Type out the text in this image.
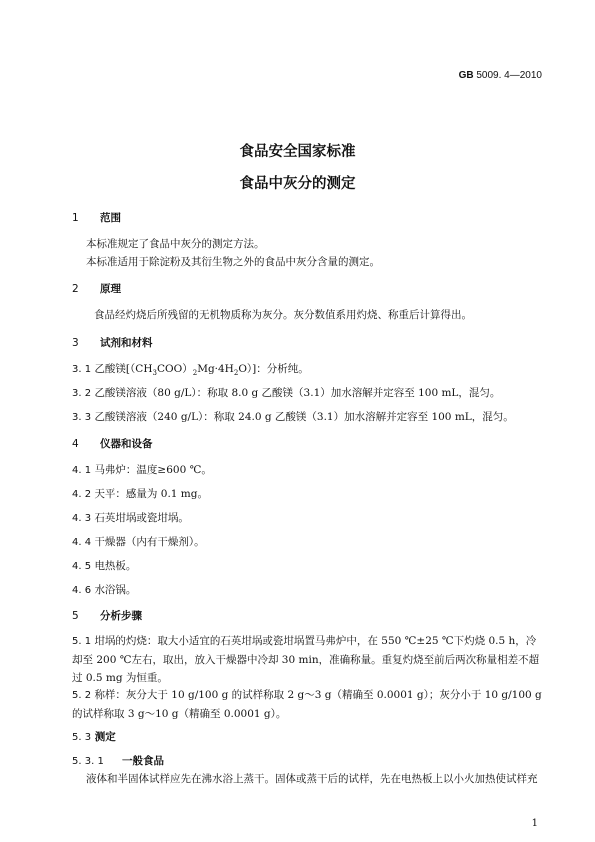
GB 5009. 4—2010
食品安全国家标准
食品中灰分的测定
1 范围
本标准规定了食品中灰分的测定方法。
本标准适用于除淀粉及其衍生物之外的食品中灰分含量的测定。
2 原理
食品经灼烧后所残留的无机物质称为灰分。灰分数值系用灼烧、称重后计算得出。
3 试剂和材料
3. 1 乙酸镁$[(CH_3COO)_2Mg\cdot 4H_2O)$]：分析纯。
3. 2 乙酸镁溶液（80 g/L）：称取 8.0 g 乙酸镁（3.1）加水溶解并定容至 100 mL，混匀。
3. 3 乙酸镁溶液（240 g/L）：称取 24.0 g 乙酸镁（3.1）加水溶解并定容至 100 mL，混匀。
4 仪器和设备
4. 1 马弗炉：温度≥600 ℃。
4. 2 天平：感量为 0.1 mg。
4. 3 石英坩埚或瓷坩埚。
4. 4 干燥器（内有干燥剂）。
4. 5 电热板。
4. 6 水浴锅。
5 分析步骤
5. 1 坩埚的灼烧：取大小适宜的石英坩埚或瓷坩埚置马弗炉中，在 550 ℃±25 ℃下灼烧 0.5 h，冷却至 200 ℃左右，取出，放入干燥器中冷却 30 min，准确称量。重复灼烧至前后两次称量相差不超过 0.5 mg 为恒重。
5. 2 称样：灰分大于 10 g/100 g 的试样称取 2 g～3 g（精确至 0.0001 g）；灰分小于 10 g/100 g 的试样称取 3 g～10 g（精确至 0.0001 g）。
5. 3 测定
5. 3. 1 一般食品
液体和半固体试样应先在沸水浴上蒸干。固体或蒸干后的试样，先在电热板上以小火加热使试样充
1
